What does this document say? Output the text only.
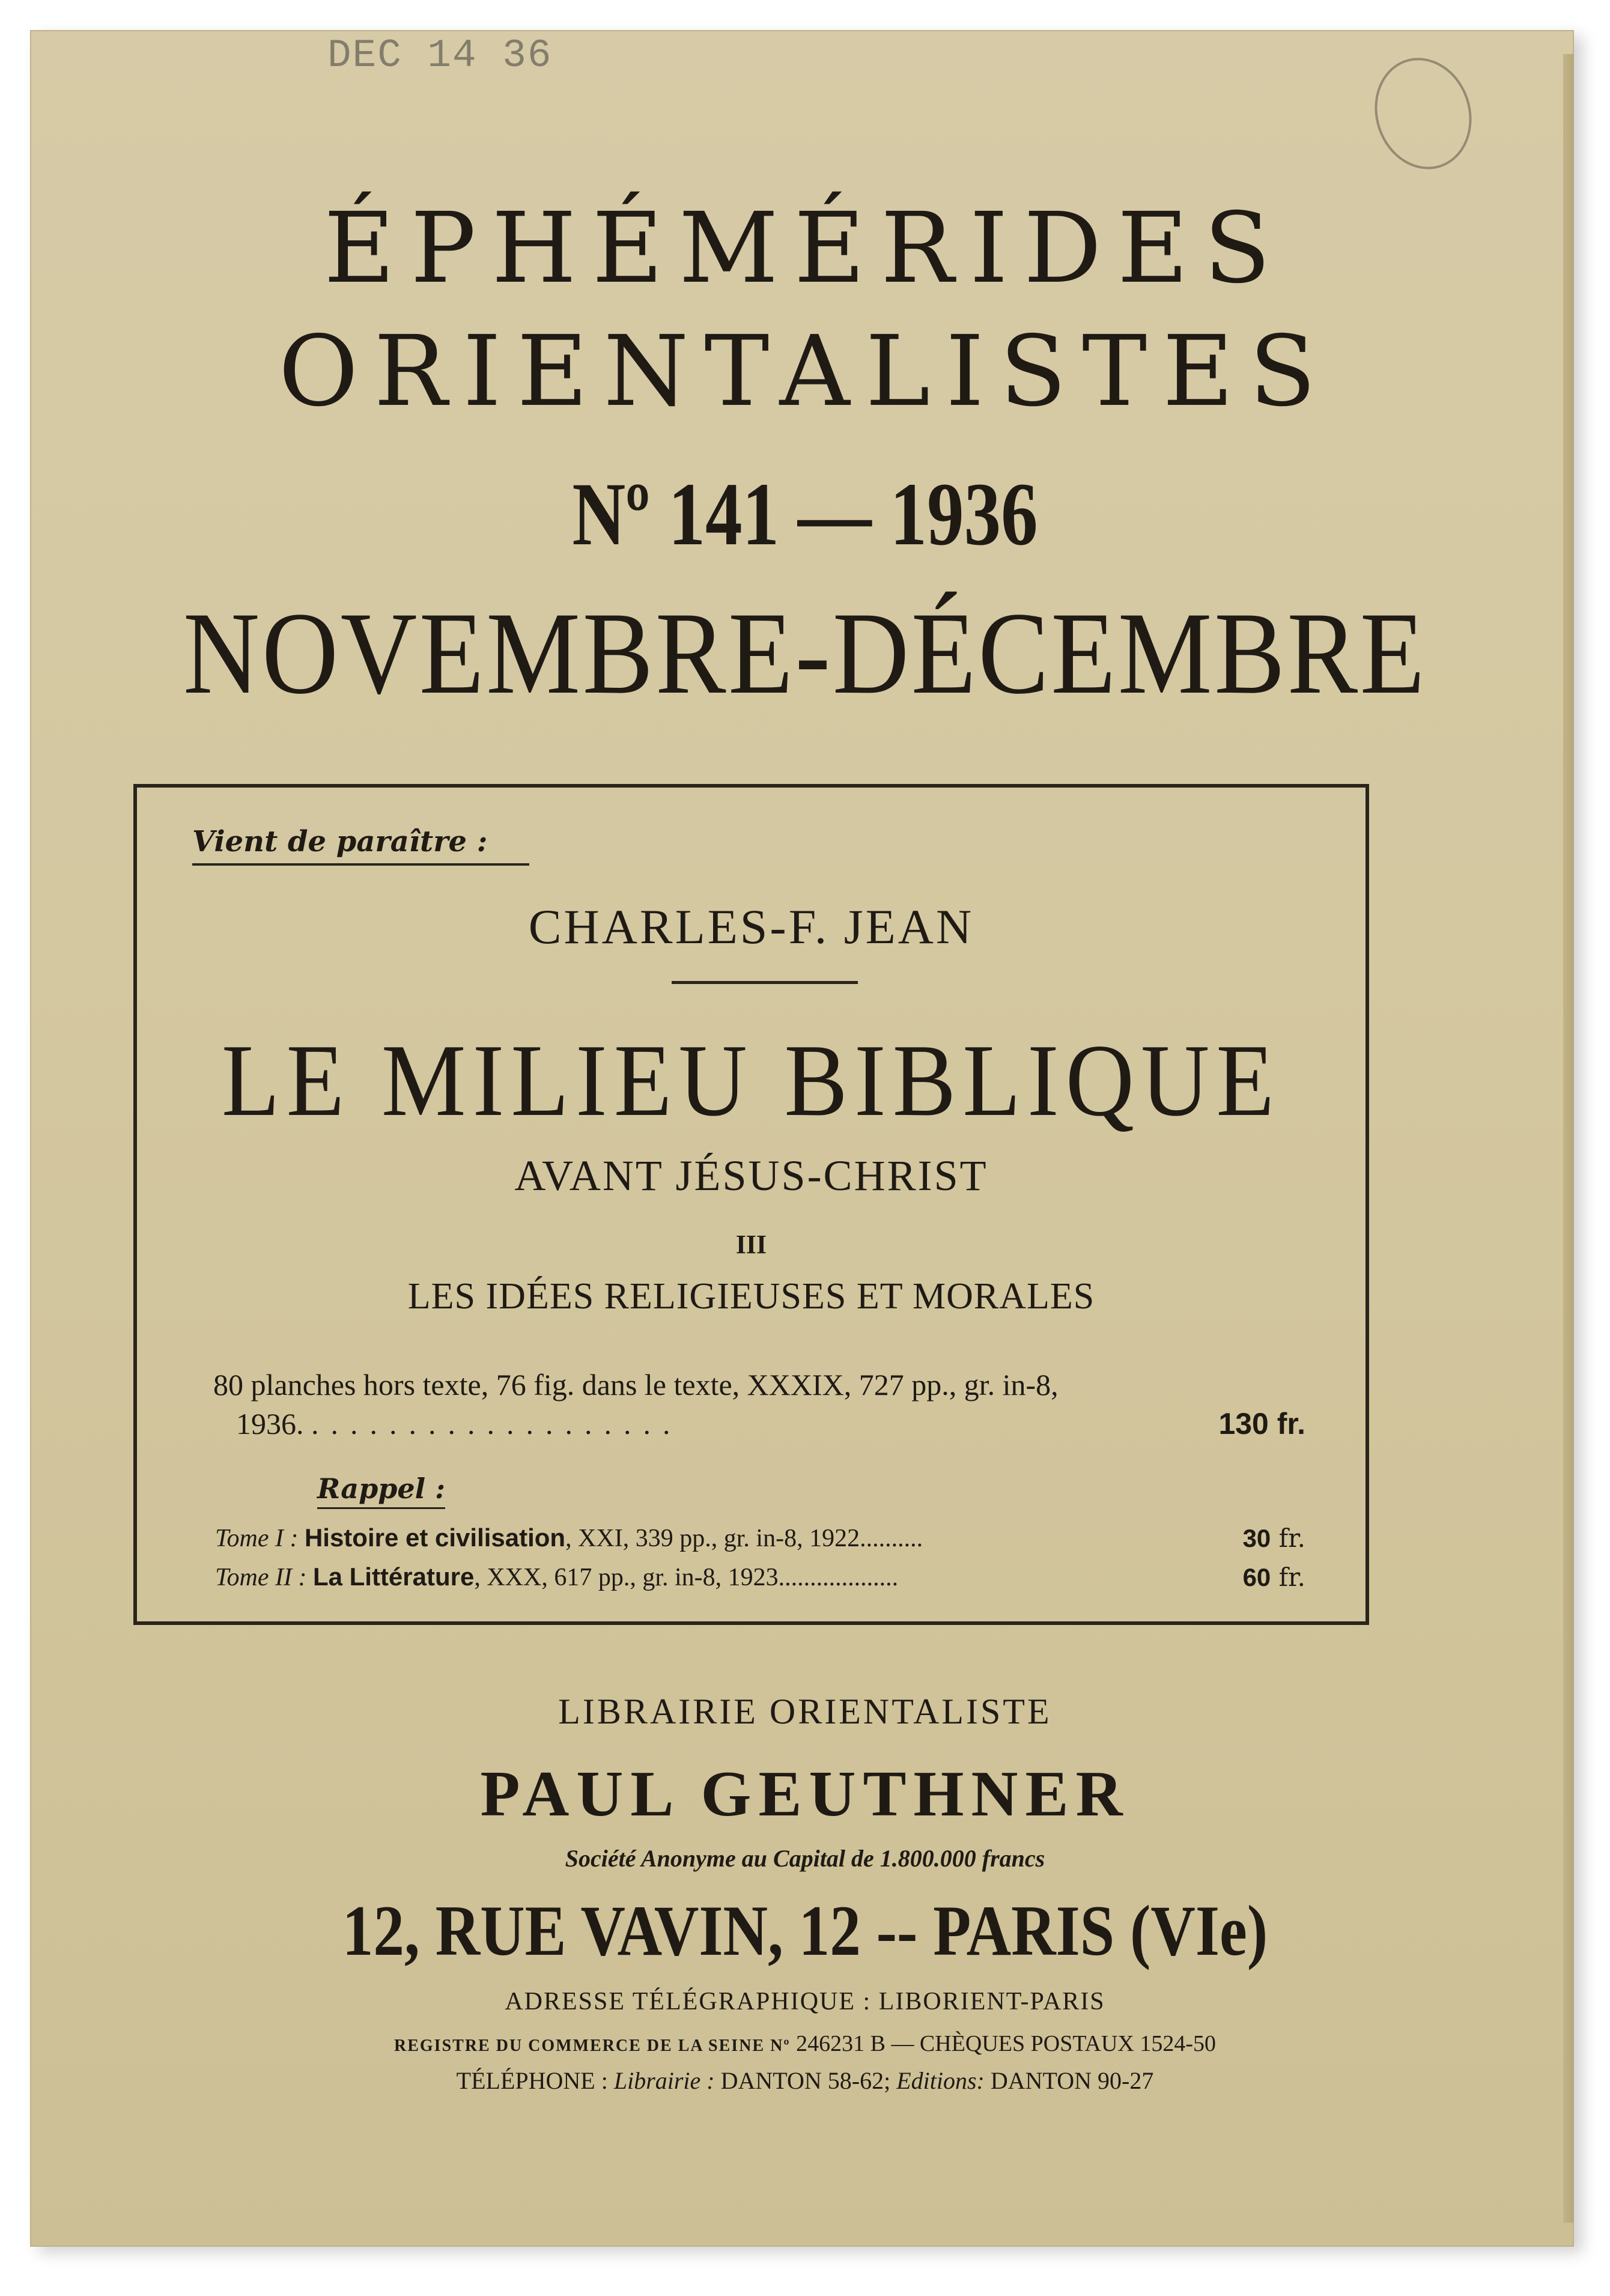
DEC 14 36
ÉPHÉMÉRIDES
ORIENTALISTES
Nº 141 — 1936
NOVEMBRE-DÉCEMBRE
Vient de paraître :
CHARLES-F. JEAN
LE MILIEU BIBLIQUE
AVANT JÉSUS-CHRIST
III
LES IDÉES RELIGIEUSES ET MORALES
80 planches hors texte, 76 fig. dans le texte, XXXIX, 727 pp., gr. in-8,
1936. ...................	130 fr.
Rappel :
Tome I : Histoire et civilisation, XXI, 339 pp., gr. in-8, 1922..........	30 fr.
Tome II : La Littérature, XXX, 617 pp., gr. in-8, 1923...................	60 fr.
LIBRAIRIE ORIENTALISTE
PAUL GEUTHNER
Société Anonyme au Capital de 1.800.000 francs
12, RUE VAVIN, 12 -- PARIS (VIe)
ADRESSE TÉLÉGRAPHIQUE : LIBORIENT-PARIS
REGISTRE DU COMMERCE DE LA SEINE Nº 246231 B — CHÈQUES POSTAUX 1524-50
TÉLÉPHONE : Librairie : DANTON 58-62; Editions: DANTON 90-27
